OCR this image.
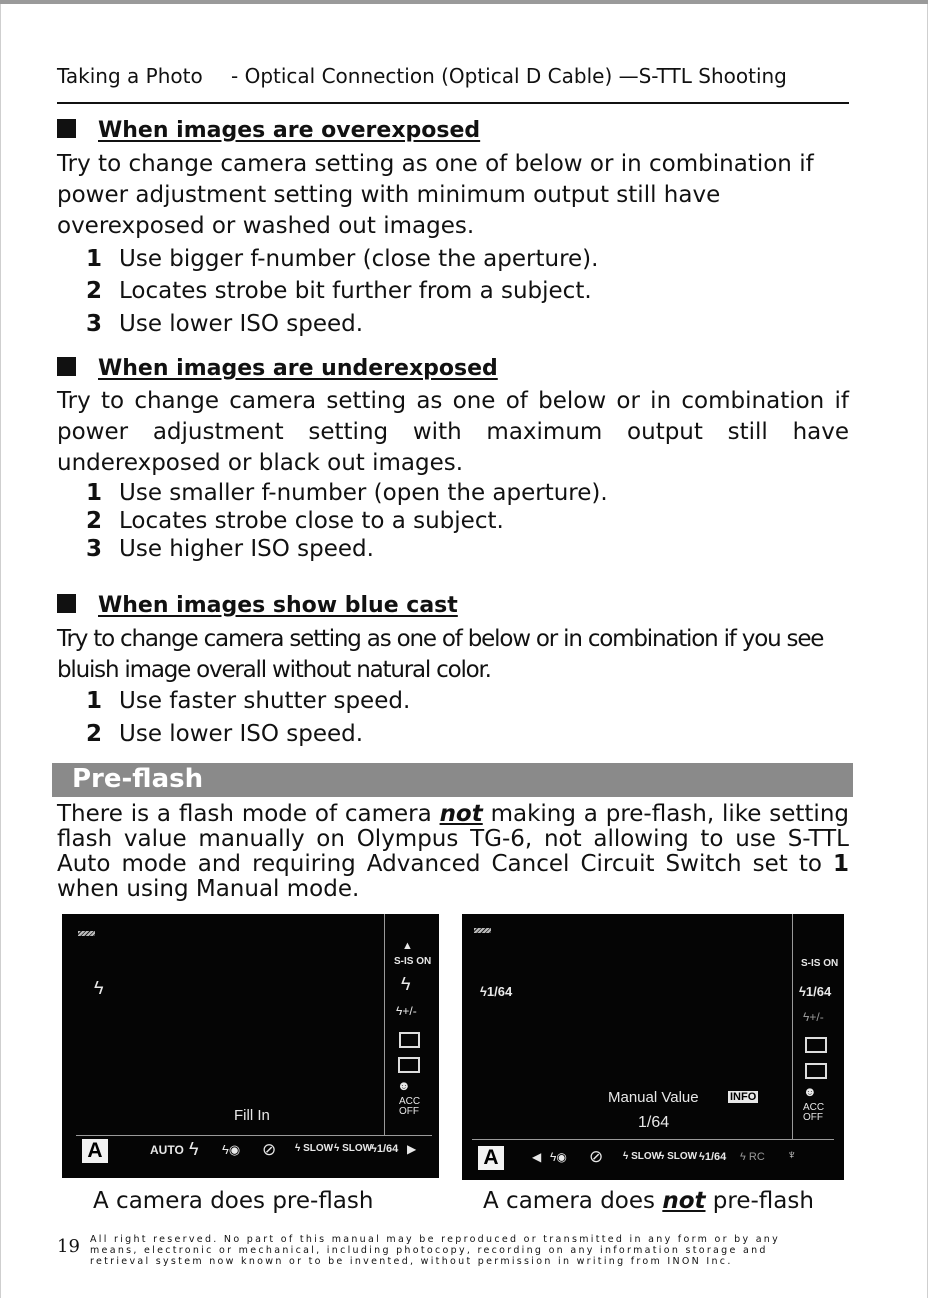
Taking a Photo - Optical Connection (Optical D Cable) —S-TTL Shooting
When images are overexposed
Try to change camera setting as one of below or in combination if
power adjustment setting with minimum output still have
overexposed or washed out images.
1 Use bigger f-number (close the aperture).
2 Locates strobe bit further from a subject.
3 Use lower ISO speed.
When images are underexposed
Try to change camera setting as one of below or in combination if power adjustment setting with maximum output still have underexposed or black out images.
1 Use smaller f-number (open the aperture).
2 Locates strobe close to a subject.
3 Use higher ISO speed.
When images show blue cast
Try to change camera setting as one of below or in combination if you see
bluish image overall without natural color.
1 Use faster shutter speed.
2 Use lower ISO speed.
Pre-flash
There is a flash mode of camera not making a pre-flash, like setting flash value manually on Olympus TG-6, not allowing to use S-TTL Auto mode and requiring Advanced Cancel Circuit Switch set to 1 when using Manual mode.
ϟ
Fill In
▲
S-IS ON
ϟ
ϟ+/-
☻
ACC OFF
A	AUTO ϟ ϟ◉ ⊘ ϟ SLOW ϟ SLOW
ϟ1/64 ▶
ϟ1/64
Manual Value	INFO
1/64
S-IS ON
ϟ1/64
ϟ+/-
☻
ACC OFF
A	◀ ϟ◉ ⊘ ϟ SLOW
ϟ SLOW ϟ1/64 ϟ RC ♆
A camera does pre-flash	A camera does not pre-flash
19 All right reserved. No part of this manual may be reproduced or transmitted in any form or by any
means, electronic or mechanical, including photocopy, recording on any information storage and
retrieval system now known or to be invented, without permission in writing from INON Inc.
